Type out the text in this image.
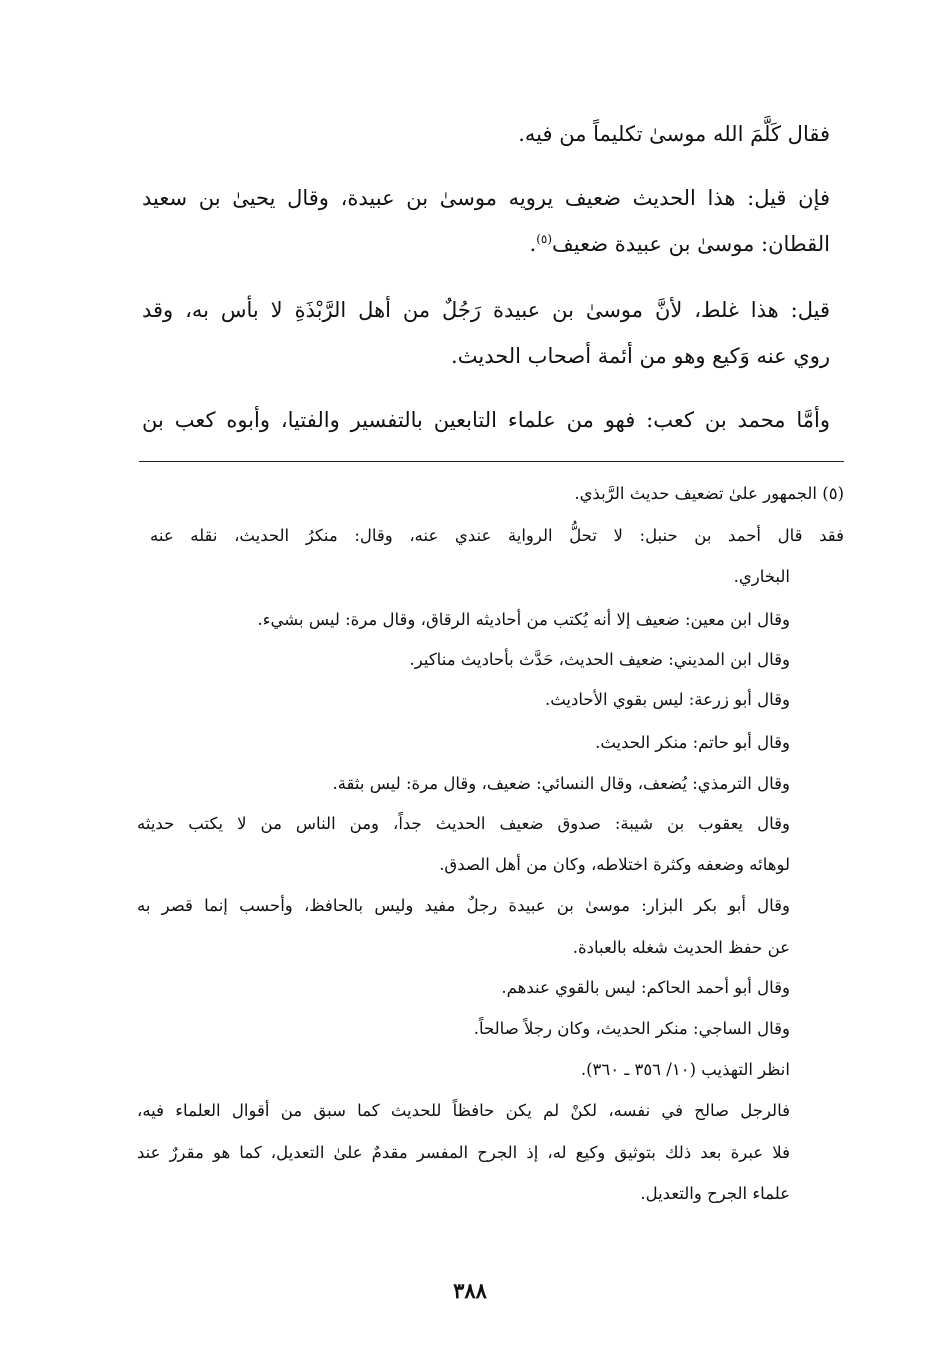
فقال كَلَّمَ الله موسىٰ تكليماً من فيه.
فإن قيل: هذا الحديث ضعيف يرويه موسىٰ بن عبيدة، وقال يحيىٰ بن سعيد
القطان: موسىٰ بن عبيدة ضعيف$^{(٥)}$.
قيل: هذا غلط، لأنَّ موسىٰ بن عبيدة رَجُلٌ من أهل الرَّبْذَةِ لا بأس به، وقد
روي عنه وَكيع وهو من أئمة أصحاب الحديث.
وأمَّا محمد بن كعب: فهو من علماء التابعين بالتفسير والفتيا، وأبوه كعب بن
(٥) الجمهور علىٰ تضعيف حديث الرَّبذي.
فقد قال أحمد بن حنبل: لا تحلُّ الرواية عندي عنه، وقال: منكرُ الحديث، نقله عنه
البخاري.
وقال ابن معين: ضعيف إلا أنه يُكتب من أحاديثه الرقاق، وقال مرة: ليس بشيء.
وقال ابن المديني: ضعيف الحديث، حَدَّث بأحاديث مناكير.
وقال أبو زرعة: ليس بقوي الأحاديث.
وقال أبو حاتم: منكر الحديث.
وقال الترمذي: يُضعف، وقال النسائي: ضعيف، وقال مرة: ليس بثقة.
وقال يعقوب بن شيبة: صدوق ضعيف الحديث جداً، ومن الناس من لا يكتب حديثه
لوهائه وضعفه وكثرة اختلاطه، وكان من أهل الصدق.
وقال أبو بكر البزار: موسىٰ بن عبيدة رجلٌ مفيد وليس بالحافظ، وأحسب إنما قصر به
عن حفظ الحديث شغله بالعبادة.
وقال أبو أحمد الحاكم: ليس بالقوي عندهم.
وقال الساجي: منكر الحديث، وكان رجلاً صالحاً.
انظر التهذيب (١٠/ ٣٥٦ ـ ٣٦٠).
فالرجل صالح في نفسه، لكنْ لم يكن حافظاً للحديث كما سبق من أقوال العلماء فيه،
فلا عبرة بعد ذلك بتوثيق وكيع له، إذ الجرح المفسر مقدمٌ علىٰ التعديل، كما هو مقررٌ عند
علماء الجرح والتعديل.
٣٨٨
